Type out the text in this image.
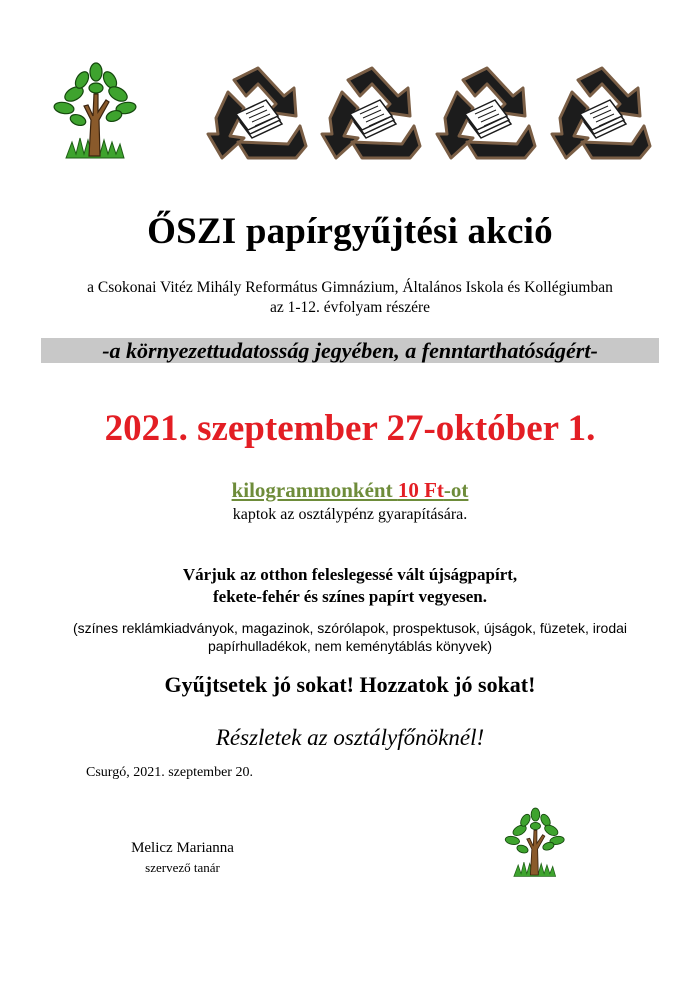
ŐSZI papírgyűjtési akció
a Csokonai Vitéz Mihály Református Gimnázium, Általános Iskola és Kollégiumban
az 1-12. évfolyam részére
-a környezettudatosság jegyében, a fenntarthatóságért-
2021. szeptember 27-október 1.
kilogrammonként 10 Ft-ot
kaptok az osztálypénz gyarapítására.
Várjuk az otthon feleslegessé vált újságpapírt,
fekete-fehér és színes papírt vegyesen.
(színes reklámkiadványok, magazinok, szórólapok, prospektusok, újságok, füzetek, irodai
papírhulladékok, nem keménytáblás könyvek)
Gyűjtsetek jó sokat! Hozzatok jó sokat!
Részletek az osztályfőnöknél!
Csurgó, 2021. szeptember 20.
Melicz Marianna
szervező tanár
